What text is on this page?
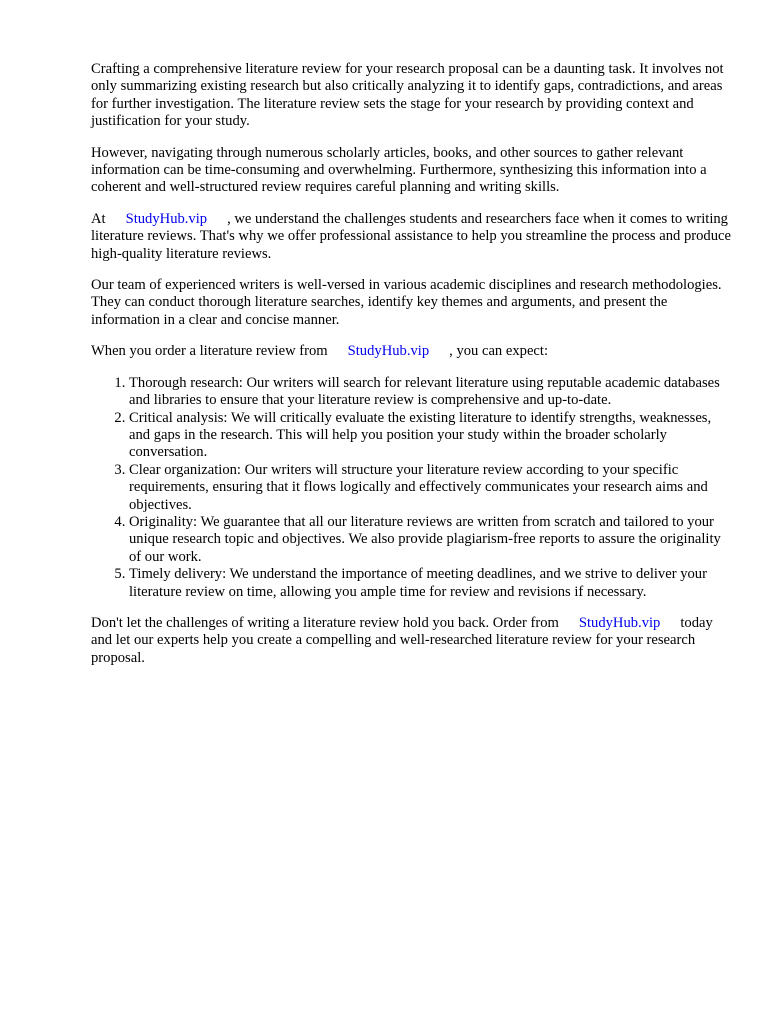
Crafting a comprehensive literature review for your research proposal can be a daunting task. It involves not only summarizing existing research but also critically analyzing it to identify gaps, contradictions, and areas for further investigation. The literature review sets the stage for your research by providing context and justification for your study.

However, navigating through numerous scholarly articles, books, and other sources to gather relevant information can be time-consuming and overwhelming. Furthermore, synthesizing this information into a coherent and well-structured review requires careful planning and writing skills.

At StudyHub.vip , we understand the challenges students and researchers face when it comes to writing literature reviews. That's why we offer professional assistance to help you streamline the process and produce high-quality literature reviews.

Our team of experienced writers is well-versed in various academic disciplines and research methodologies. They can conduct thorough literature searches, identify key themes and arguments, and present the information in a clear and concise manner.

When you order a literature review from StudyHub.vip , you can expect:

1. Thorough research: Our writers will search for relevant literature using reputable academic databases and libraries to ensure that your literature review is comprehensive and up-to-date.
2. Critical analysis: We will critically evaluate the existing literature to identify strengths, weaknesses, and gaps in the research. This will help you position your study within the broader scholarly conversation.
3. Clear organization: Our writers will structure your literature review according to your specific requirements, ensuring that it flows logically and effectively communicates your research aims and objectives.
4. Originality: We guarantee that all our literature reviews are written from scratch and tailored to your unique research topic and objectives. We also provide plagiarism-free reports to assure the originality of our work.
5. Timely delivery: We understand the importance of meeting deadlines, and we strive to deliver your literature review on time, allowing you ample time for review and revisions if necessary.

Don't let the challenges of writing a literature review hold you back. Order from StudyHub.vip today and let our experts help you create a compelling and well-researched literature review for your research proposal.
